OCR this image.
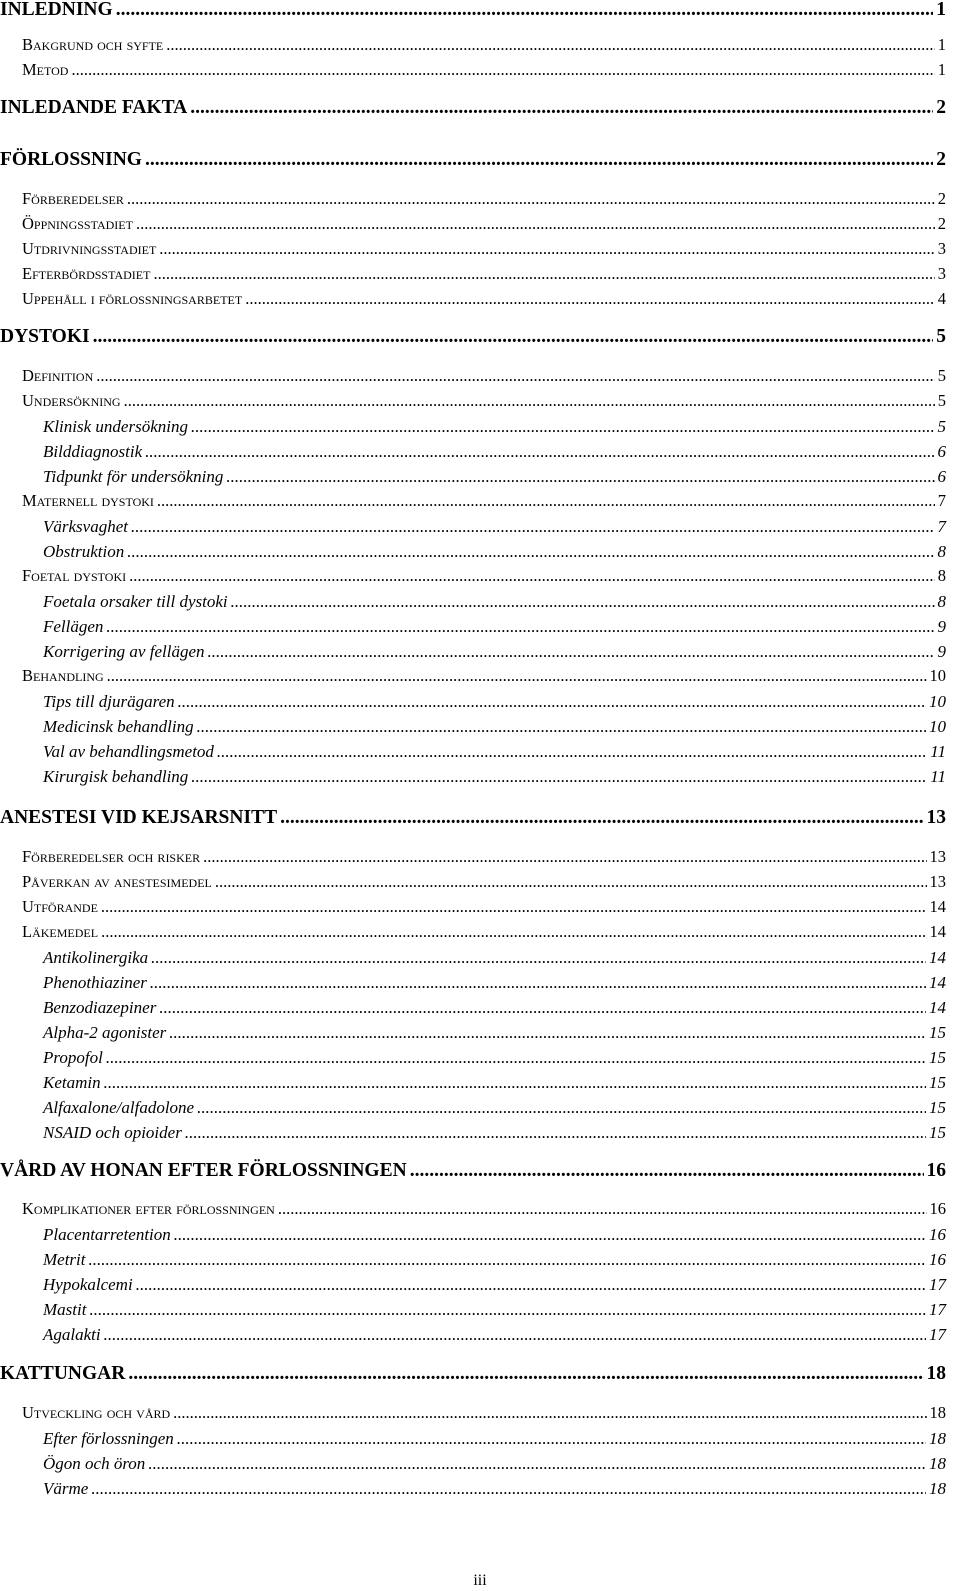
INLEDNING .....	1
Bakgrund och syfte .....	1
Metod .....	1
INLEDANDE FAKTA .....	2
FÖRLOSSNING .....	2
Förberedelser .....	2
Öppningsstadiet .....	2
Utdrivningsstadiet .....	3
Efterbördsstadiet .....	3
Uppehåll i förlossningsarbetet .....	4
DYSTOKI .....	5
Definition .....	5
Undersökning .....	5
Klinisk undersökning .....	5
Bilddiagnostik .....	6
Tidpunkt för undersökning .....	6
Maternell dystoki .....	7
Värksvaghet .....	7
Obstruktion .....	8
Foetal dystoki .....	8
Foetala orsaker till dystoki .....	8
Fellägen .....	9
Korrigering av fellägen .....	9
Behandling .....	10
Tips till djurägaren .....	10
Medicinsk behandling .....	10
Val av behandlingsmetod .....	11
Kirurgisk behandling .....	11
ANESTESI VID KEJSARSNITT .....	13
Förberedelser och risker .....	13
Påverkan av anestesimedel .....	13
Utförande .....	14
Läkemedel .....	14
Antikolinergika .....	14
Phenothiaziner .....	14
Benzodiazepiner .....	14
Alpha-2 agonister .....	15
Propofol .....	15
Ketamin .....	15
Alfaxalone/alfadolone .....	15
NSAID och opioider .....	15
VÅRD AV HONAN EFTER FÖRLOSSNINGEN .....	16
Komplikationer efter förlossningen .....	16
Placentarretention .....	16
Metrit .....	16
Hypokalcemi .....	17
Mastit .....	17
Agalakti .....	17
KATTUNGAR .....	18
Utveckling och vård .....	18
Efter förlossningen .....	18
Ögon och öron .....	18
Värme .....	18
iii
